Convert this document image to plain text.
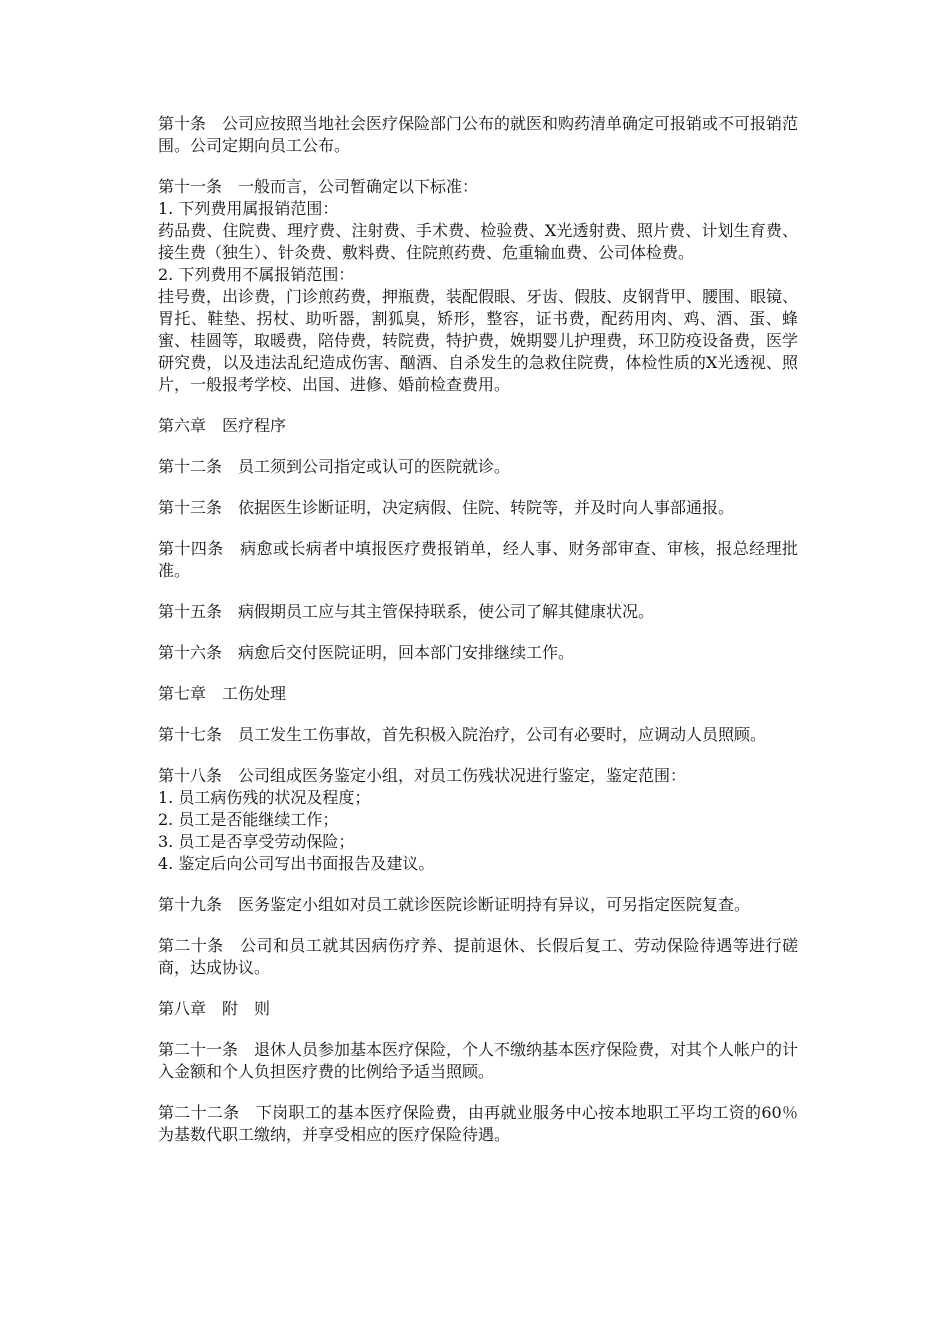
第十条　公司应按照当地社会医疗保险部门公布的就医和购药清单确定可报销或不可报销范围。公司定期向员工公布。

第十一条　一般而言，公司暂确定以下标准：

1. 下列费用属报销范围：

药品费、住院费、理疗费、注射费、手术费、检验费、X光透射费、照片费、计划生育费、接生费（独生）、针灸费、敷料费、住院煎药费、危重输血费、公司体检费。

2. 下列费用不属报销范围：

挂号费，出诊费，门诊煎药费，押瓶费，装配假眼、牙齿、假肢、皮钢背甲、腰围、眼镜、胃托、鞋垫、拐杖、助听器，割狐臭，矫形，整容，证书费，配药用肉、鸡、酒、蛋、蜂蜜、桂圆等，取暖费，陪侍费，转院费，特护费，娩期婴儿护理费，环卫防疫设备费，医学研究费，以及违法乱纪造成伤害、酗酒、自杀发生的急救住院费，体检性质的X光透视、照片，一般报考学校、出国、进修、婚前检查费用。

第六章　医疗程序

第十二条　员工须到公司指定或认可的医院就诊。

第十三条　依据医生诊断证明，决定病假、住院、转院等，并及时向人事部通报。

第十四条　病愈或长病者中填报医疗费报销单，经人事、财务部审查、审核，报总经理批准。

第十五条　病假期员工应与其主管保持联系，使公司了解其健康状况。

第十六条　病愈后交付医院证明，回本部门安排继续工作。

第七章　工伤处理

第十七条　员工发生工伤事故，首先积极入院治疗，公司有必要时，应调动人员照顾。

第十八条　公司组成医务鉴定小组，对员工伤残状况进行鉴定，鉴定范围：

1. 员工病伤残的状况及程度；

2. 员工是否能继续工作；

3. 员工是否享受劳动保险；

4. 鉴定后向公司写出书面报告及建议。

第十九条　医务鉴定小组如对员工就诊医院诊断证明持有异议，可另指定医院复查。

第二十条　公司和员工就其因病伤疗养、提前退休、长假后复工、劳动保险待遇等进行磋商，达成协议。

第八章　附　则

第二十一条　退休人员参加基本医疗保险，个人不缴纳基本医疗保险费，对其个人帐户的计入金额和个人负担医疗费的比例给予适当照顾。

第二十二条　下岗职工的基本医疗保险费，由再就业服务中心按本地职工平均工资的60％为基数代职工缴纳，并享受相应的医疗保险待遇。
